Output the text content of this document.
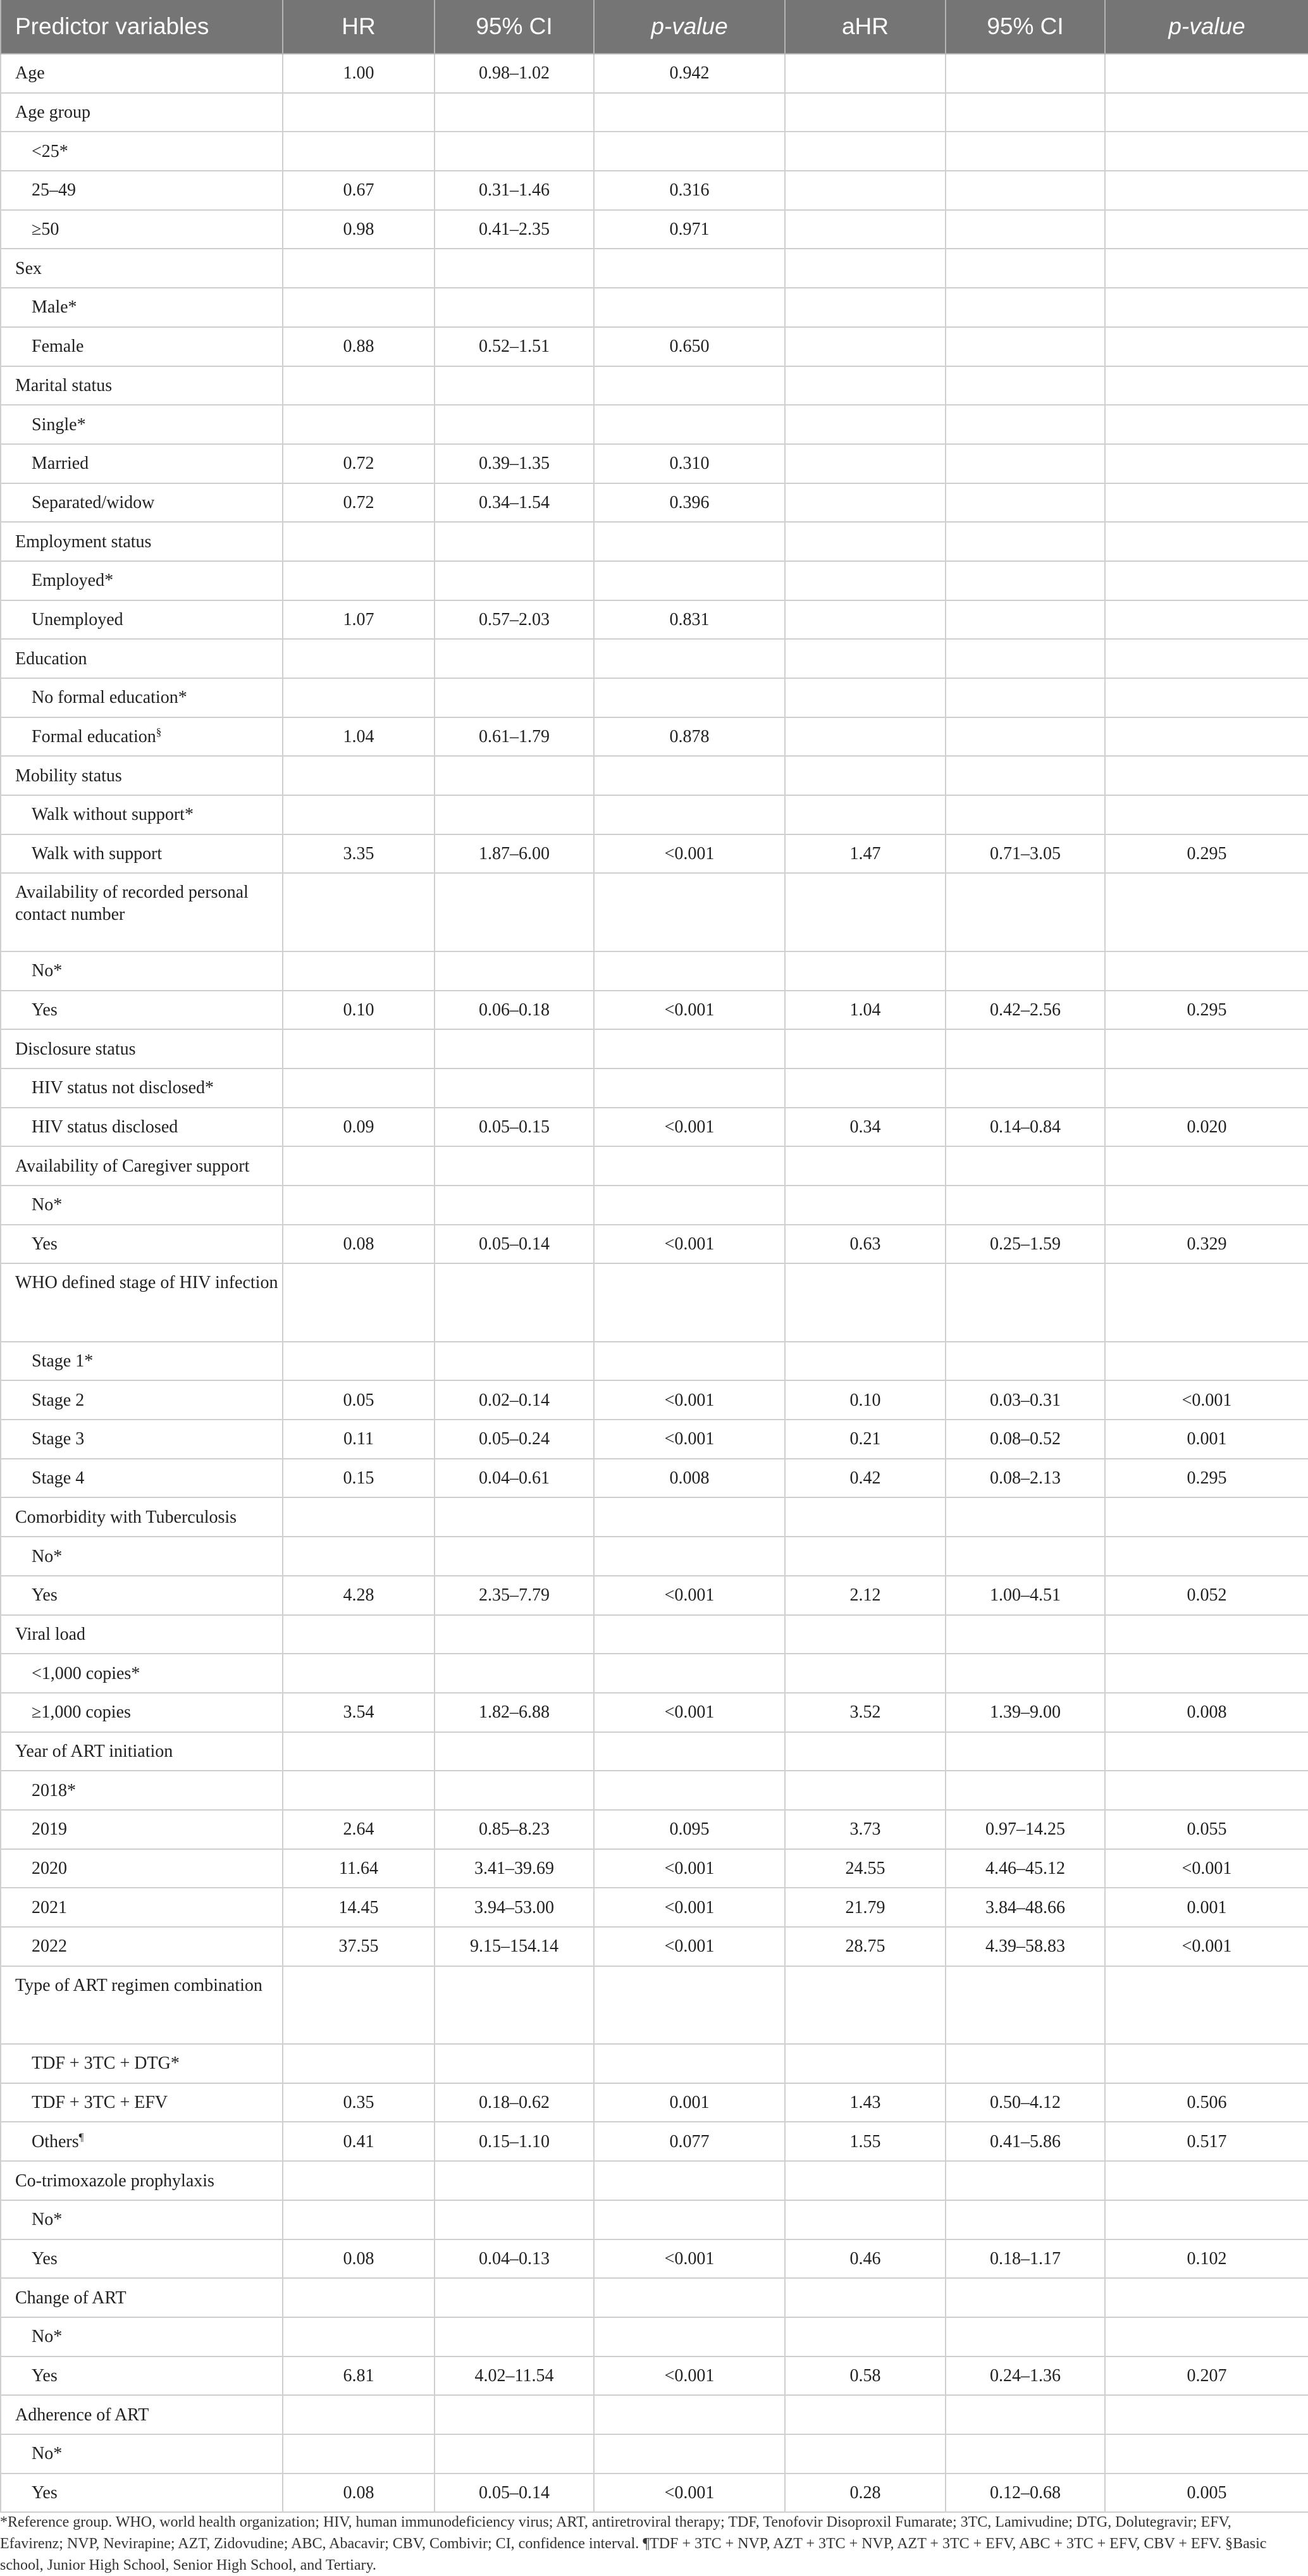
Predictor variables	HR	95% CI	p-value	aHR	95% CI	p-value
Age	1.00	0.98–1.02	0.942			
Age group						
<25*						
25–49	0.67	0.31–1.46	0.316			
≥50	0.98	0.41–2.35	0.971			
Sex						
Male*						
Female	0.88	0.52–1.51	0.650			
Marital status						
Single*						
Married	0.72	0.39–1.35	0.310			
Separated/widow	0.72	0.34–1.54	0.396			
Employment status						
Employed*						
Unemployed	1.07	0.57–2.03	0.831			
Education						
No formal education*						
Formal education§	1.04	0.61–1.79	0.878			
Mobility status						
Walk without support*						
Walk with support	3.35	1.87–6.00	<0.001	1.47	0.71–3.05	0.295
Availability of recorded personal contact number						
No*						
Yes	0.10	0.06–0.18	<0.001	1.04	0.42–2.56	0.295
Disclosure status						
HIV status not disclosed*						
HIV status disclosed	0.09	0.05–0.15	<0.001	0.34	0.14–0.84	0.020
Availability of Caregiver support						
No*						
Yes	0.08	0.05–0.14	<0.001	0.63	0.25–1.59	0.329
WHO defined stage of HIV infection						
Stage 1*						
Stage 2	0.05	0.02–0.14	<0.001	0.10	0.03–0.31	<0.001
Stage 3	0.11	0.05–0.24	<0.001	0.21	0.08–0.52	0.001
Stage 4	0.15	0.04–0.61	0.008	0.42	0.08–2.13	0.295
Comorbidity with Tuberculosis						
No*						
Yes	4.28	2.35–7.79	<0.001	2.12	1.00–4.51	0.052
Viral load						
<1,000 copies*						
≥1,000 copies	3.54	1.82–6.88	<0.001	3.52	1.39–9.00	0.008
Year of ART initiation						
2018*						
2019	2.64	0.85–8.23	0.095	3.73	0.97–14.25	0.055
2020	11.64	3.41–39.69	<0.001	24.55	4.46–45.12	<0.001
2021	14.45	3.94–53.00	<0.001	21.79	3.84–48.66	0.001
2022	37.55	9.15–154.14	<0.001	28.75	4.39–58.83	<0.001
Type of ART regimen combination						
TDF + 3TC + DTG*						
TDF + 3TC + EFV	0.35	0.18–0.62	0.001	1.43	0.50–4.12	0.506
Others¶	0.41	0.15–1.10	0.077	1.55	0.41–5.86	0.517
Co-trimoxazole prophylaxis						
No*						
Yes	0.08	0.04–0.13	<0.001	0.46	0.18–1.17	0.102
Change of ART						
No*						
Yes	6.81	4.02–11.54	<0.001	0.58	0.24–1.36	0.207
Adherence of ART						
No*						
Yes	0.08	0.05–0.14	<0.001	0.28	0.12–0.68	0.005
*Reference group. WHO, world health organization; HIV, human immunodeficiency virus; ART, antiretroviral therapy; TDF, Tenofovir Disoproxil Fumarate; 3TC, Lamivudine; DTG, Dolutegravir; EFV, Efavirenz; NVP, Nevirapine; AZT, Zidovudine; ABC, Abacavir; CBV, Combivir; CI, confidence interval. ¶TDF + 3TC + NVP, AZT + 3TC + NVP, AZT + 3TC + EFV, ABC + 3TC + EFV, CBV + EFV. §Basic school, Junior High School, Senior High School, and Tertiary.
